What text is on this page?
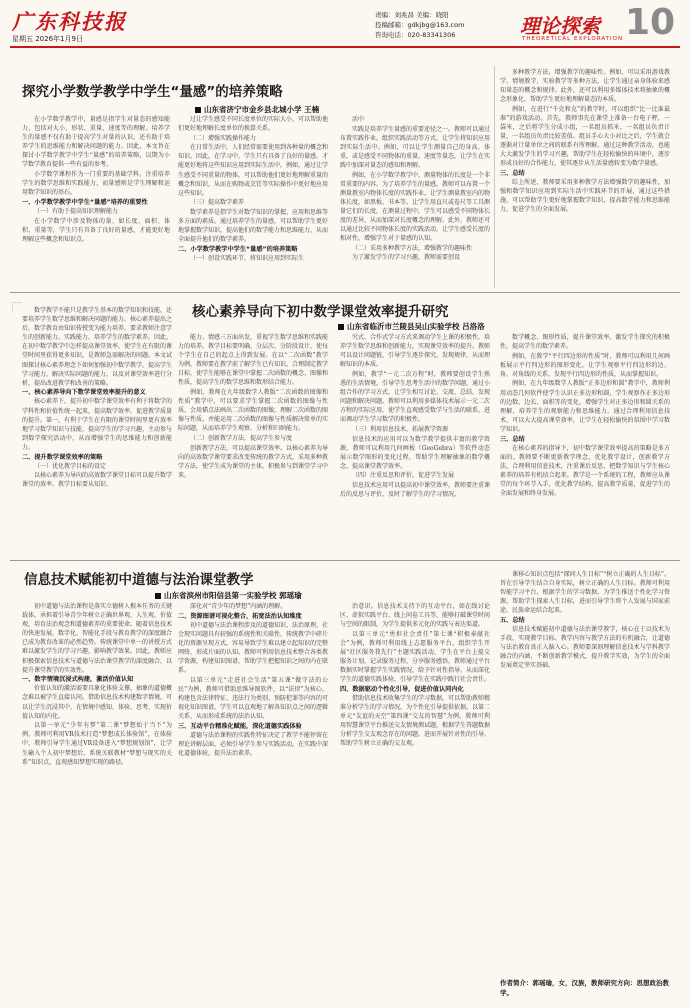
广东科技报
星期五 2026年1月9日
责编：刘兆昌 美编：晓阳
投稿邮箱：gdkjbg@163.com
咨询电话：020-83341306	理论探索
THEORETICAL EXPLORATION 10
探究小学数学教学中学生“量感”的培养策略
山东省济宁市金乡县北城小学 王楠

在小学数学教学中，量感是指学生对量态的感知能力，包括对大小、形状、重量、速度等的理解。培养学生的量感不仅有助于提高学生对量的认识，还有助于培养学生的思维能力和解决问题的能力。因此，本文旨在探讨小学数学教学中学生“量感”的培养策略，以期为小学数学教育提供一些有益的参考。

小学数学课程作为一门重要的基础学科，注重培养学生的数学思维和实践能力，而量感则是学生理解和运用数学知识的基石。

一、小学数学教学中学生“量感”培养的重要性

（一）有助于提高知识理解能力

在小学数学中涉及物体的量、如长度、面积、体积、重量等，学生只有具备了良好的量感，才能更好地理解这些概念和知识点。

过让学生感受不同长度单位的实际大小，可以帮助他们更好地理解长度单位的换算关系。

（二）增强实践操作能力

在日常生活中，人们经常需要使用到各种量的概念和知识。因此，在学习中，学生只有具备了良好的量感，才能更好地将这些知识应用到实际生活中。例如，通过让学生感受不同重量的物体，可以帮助他们更好地理解重量的概念和知识，从而在购物或烹饪等实际操作中更好地应用这些知识。

（三）提高数学素养

数学素养是指学生对数学知识的掌握、应用和思维等多方面的素质。通过培养学生的量感，可以帮助学生更好地掌握数学知识，提高他们的数学能力和思维能力，从而全面提升他们的数学素养。

二、小学数学教学中学生“量感”的培养策略

（一）创设实践环节，将知识应用到实际生

活中

实践是培养学生量感的重要途径之一。教师可以通过布置实践作业，组织实践活动等方式，让学生将知识应用到实际生活中。例如，可以让学生测量自己的身高、体重，或是感受不同物体的重量，速度等量态，让学生在实践中加深对量态的感知和理解。

例如，在小学数学教学中，测量物体的长度是一个非常重要的内容。为了培养学生的量感，教师可以布置一个测量教室内物体长度的实践作业，让学生测量教室内的物体长度，如黑板、书本等。让学生用直尺或卷尺等工具测量它们的长度，在测量过程中，学生可以感受不同物体长度的差异，从而加深对长度概念的理解。此外，教师还可以通过比较不同物体长度的实践活动，让学生感受长度的相对性，增强学生对于量感的认知。

（二）采用多种教学方法，增强教学的趣味性

为了激发学生的学习兴趣，教师需要创设

多种教学方法，增强教学的趣味性。例如，可以采用游戏教学、情境教学、实验教学等多种方法，让学生通过亲身体验来感知量态的概念和规律。此外，还可以利用多媒体技术将抽象的概念形象化，帮助学生更好地理解量态的本质。

例如，在进行“千克和克”的教学时，可以组织“比一比谁最准”的游戏活动。首先，教师事先在课堂上准备一台电子秤，一袋米，之后将学生分成小组，一名组员抓米，一名组员负责计量，一名组员负责比较差值。组员手心大小对比之后，学生就会逐渐对计量单位之间的联系有所理解。通过这种教学活动，也能大大激发学生的学习兴趣，帮助学生在轻松愉快的环境中，逐步形成良好的合作能力，使其逐步从生活量感转变为数学量感。

三、总结

综上所述，教师要采用多种教学方法增强数学的趣味性，加强和数学知识应用到实际生活中实践环节的开展，通过这些措施，可以帮助学生更好地掌握数学知识，提高数学能力和思维能力，促进学生的全面发展。

核心素养导向下初中数学课堂效率提升研究
山东省临沂市兰陵县吴山实验学校 吕洛洛

数学教学不能只是教学生基本的数学知识和技能，还要培养学生数学思维和解决问题的能力。核心素养提出之后，数学教育由知识传授变为能力培养，要求教师注意学生的创新能力、实践能力，培养学生的数学素养。因此，在初中数学教学中怎样提高课堂效率，使学生在有限的课堂时间里获得更多知识，是教师急需解决的问题。本文试图探讨核心素养理念下如何加强初中数学教学，提高学生学习能力，解决实际问题的能力，以及对课堂效率进行分析，提出改进教学和改善的策略。

一、核心素养导向下数学课堂效率提升的意义

核心素养下，提升初中数学课堂效率有利于将数学的学科性和价值性统一起来，提高数学效率、促进教学质量的提升。第一，有利于学生在有限的课堂时间里更有效率地学习数学知识与技能、提高学生的学习兴趣，主动参与到数学探究活动中，从而增强学生的思维能力和创新能力。

二、提升数学课堂效率的策略

（一）优化教学目标的设定

以核心素养为导向的高效数学课堂目标可以提升数学课堂的效率。教学目标要从知识、

能力、情感三方面出发，重视学生数学思维和实践能力的培养。教学目标要明确、分层次、分阶段设计，使每个学生在自己的起点上得到发展。在以“二次函数”教学为例，教师要在教学前了解学生已有知识，合理制定教学目标，使学生能够在课堂中掌握二次函数的概念、图像和性质，提高学生的数学思维和数形结合能力。

例如，教师在九年级数学人教版“二次函数的图像和性质”教学中，可以要求学生掌握二次函数的图像与性质，会用描点法画出二次函数的图像，理解二次函数的图像与性质，并能运用二次函数的图像与性质解决简单的实际问题，从而培养学生观察、分析和归纳能力。

（二）创新教学方法，提高学生参与度

创新教学方法，可以提高课堂效率。以核心素养为导向的高效数学课堂要求改变传统的教学方式，采用多种教学方法，使学生成为课堂的主体，积极参与到课堂学习中来。

究式、合作式学习方式来调动学生上课的积极性，培养学生数学思维和创新能力，实现课堂效率的提升。教师可以设计问题链，引导学生逐步探究，发现规律，从而理解知识的本质。

例如，教学“一元二次方程”时，教师要创设学生熟悉的生活情境，引导学生思考生活中的数学问题，通过小组合作的学习方式，让学生相互讨论、交流、总结，发现问题和解决问题。教师可以利用多媒体技术展示一元二次方程的实际应用，使学生直观感受数学与生活的联系，进而调动学生学习数学的积极性。

（三）利用信息技术，拓展教学资源

信息技术的应用可以为数学教学提供丰富的教学资源，教师可以利用几何画板（GeoGebra）等软件动态展示数学图形的变化过程，帮助学生理解抽象的数学概念，提高课堂教学效率。

（四）注重反思和评价，促进学生发展

信息技术应用可以提高初中课堂效率，教师要注重课后的反思与评价，及时了解学生的学习情况。

数学概念、图形性质，提升课堂效率，激发学生探究的积极性，提高学生的数学素养。

例如，在教学“平行四边形的性质”时，教师可以利用几何画板展示平行四边形的图形变化，让学生观察平行四边形的边、角、对角线的关系，发现平行四边形的性质，从而掌握知识。

例如，在九年级数学人教版“正多边形和圆”教学中，教师利用动态几何软件使学生认识正多边形和圆，学生观察作正多边形的边数、边长、面积等的变化，增强学生对正多边形和圆关系的理解，培养学生的观察能力和思维能力。通过合理利用信息技术，可以大大提高课堂效率，让学生在轻松愉快的氛围中学习数学知识。

三、总结

在核心素养的指导下，初中数学课堂效率提高的策略是多方面的。教师要不断更新教学理念，优化教学设计，创新教学方法，合理利用信息技术，注重课后反思，把数学知识与学生核心素养的培养有机结合起来。教学是一个系统的工程，教师应从课堂的每个环节入手，优化教学结构，提高教学质量，促进学生的全面发展和终身发展。

信息技术赋能初中道德与法治课堂教学
山东省滨州市阳信县第一实验学校 郭瑶瑜

初中道德与法治课程是落实立德树人根本任务的关键载体，承担着引导青少年树立正确世界观、人生观、价值观，培育法治观念和道德素养的重要使命。随着信息技术的快速发展，数字化、智能化手段与教育教学的深度融合已成为教育改革的必然趋势。传统课堂中单一的讲授方式难以激发学生的学习兴趣，影响教学效果。因此，教师应积极探索信息技术与道德与法治课堂教学的深度融合，以提升课堂教学的实效性。

一、数字情境沉浸式构建，激活价值认知

价值认知的激活需要具象化体验支撑，抽象的道德概念难以被学生直接认同。借助信息技术构建数字情境，可以让学生沉浸其中，在情境中感知、体验、思考，实现价值认知的内化。

以第一单元“少年有梦”第二课“梦想始于当下”为例，教师可利用VR技术打造“梦想成长体验馆”，在体验中，教师引导学生通过VR设备进入“梦想规划馆”，让学生输入个人初中梦想后，系统关联教材“梦想与现实的关系”知识点，直观感知梦想实现的路径。

深化对“青少年的梦想”内涵的理解。

二、资源图谱可视化整合，拓宽法治认知维度

初中道德与法治课程涉及的道德知识、法治原理，社会现实问题具有较强的系统性和关联性，传统教学中碎片化的资源呈现方式，容易导致学生难以建立起知识的完整网络，形成片面的认知。教师可利用信息技术整合各类教学资源，构建知识图谱，帮助学生把握知识之间的内在联系。

以第三单元“走进社会生活”第五课“做守法的公民”为例，教师可借助思维导图软件，以“法律”为核心，构建包含法律特征、违法行为类别、预防犯罪等内容的可视化知识图谱，学生可以直观地了解各知识点之间的逻辑关系，从而形成系统的法治认知。

三、互动平台精准化赋能，深化道德实践体验

道德与法治课程的实践性特征决定了教学不能停留在理论讲解层面，必须引导学生参与实践活动，在实践中深化道德体验，提升法治素养。

治意识。信息技术支持下的互动平台，如在线讨论区、虚拟实践平台、线上问卷工具等，能够打破课堂时间与空间的限制，为学生提供多元化的实践与表达渠道。

以第三单元“勇担社会责任”第七课“积极奉献社会”为例，教师可利用线上志愿服务平台，组织学生开展“社区服务我先行”主题实践活动，学生在平台上提交服务计划，记录服务过程、分享服务感悟，教师通过平台数据实时掌握学生实践情况，给予针对性指导，从而深化学生的道德实践体验，引导学生在实践中践行社会责任。

四、数据驱动个性化引导，促进价值认同内化

借助信息技术收集学生的学习数据，可以帮助教师精准分析学生的学习情况，为个性化引导提供依据。以第二单元“友谊的天空”第四课“交友的智慧”为例，教师可利用智慧课堂平台推送交友情境测试题，根据学生答题数据分析学生交友观念存在的问题，进而开展针对性的引导，帮助学生树立正确的交友观。

课移心知识点包括“探问人生目标”“树立正确的人生目标”。旨在引导学生结合自身实际，树立正确的人生目标。教师可利用智能学习平台，根据学生的学习数据，为学生推送个性化学习资源，帮助学生探索人生目标，进而引导学生将个人发展与国家前途、民族命运结合起来。

五、总结

信息技术赋能初中道德与法治课堂教学，核心在于以技术为手段，实现教学目标、教学内容与教学方法的有机融合，让道德与法治教育真正入脑入心。教师要深刻理解信息技术与学科教学融合的内涵，不断创新教学模式，提升教学实效，为学生的全面发展奠定坚实基础。

作者简介：郭瑶瑜，女，汉族，教师研究方向：思想政治教学。
